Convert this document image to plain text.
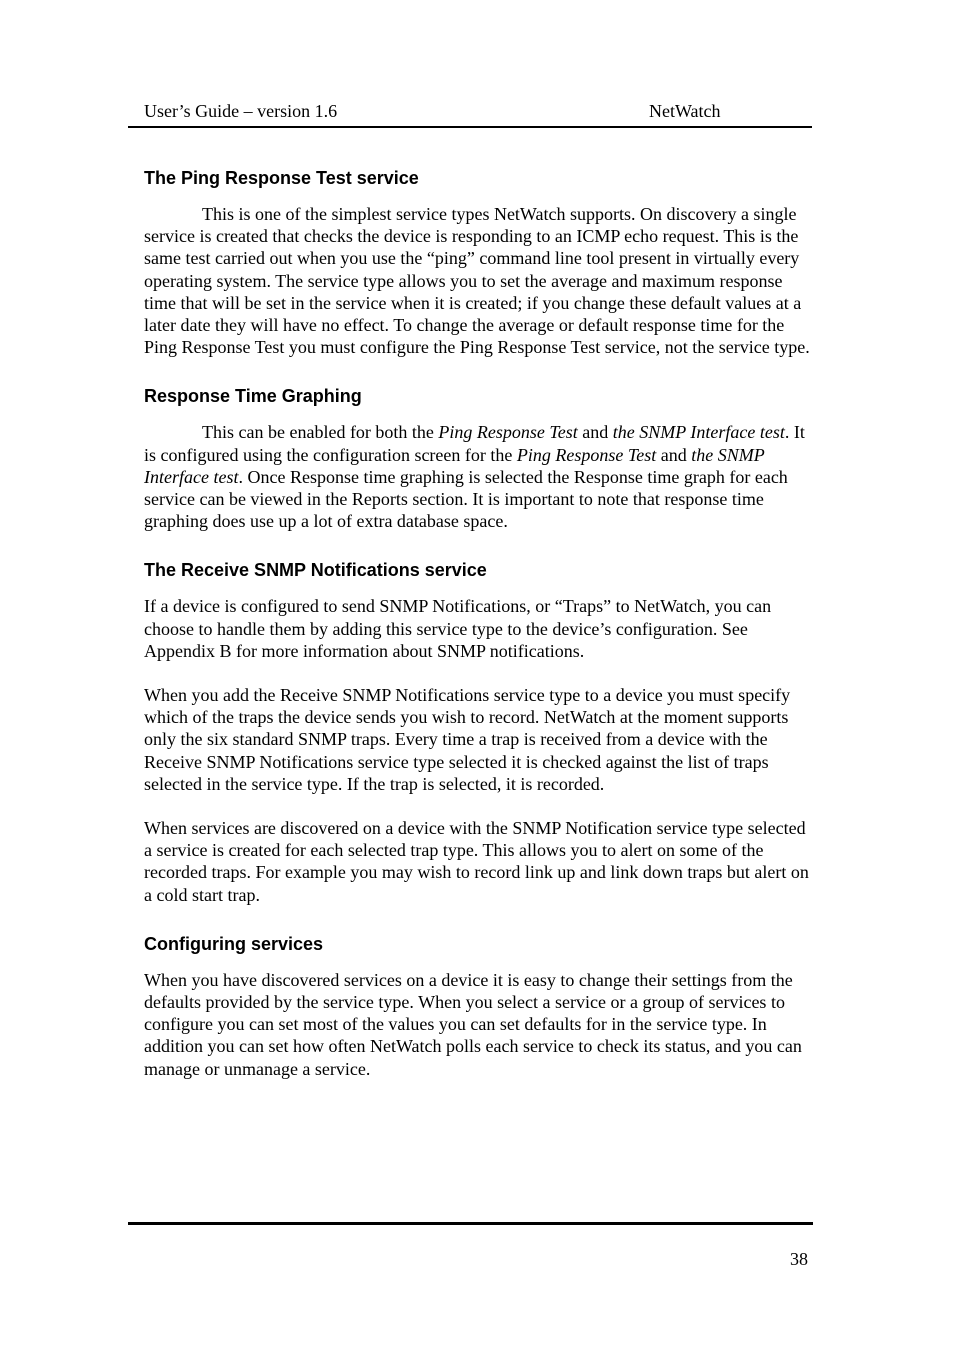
User’s Guide – version 1.6	NetWatch
The Ping Response Test service

This is one of the simplest service types NetWatch supports. On discovery a single service is created that checks the device is responding to an ICMP echo request. This is the same test carried out when you use the “ping” command line tool present in virtually every operating system. The service type allows you to set the average and maximum response time that will be set in the service when it is created; if you change these default values at a later date they will have no effect. To change the average or default response time for the Ping Response Test you must configure the Ping Response Test service, not the service type.

Response Time Graphing

This can be enabled for both the Ping Response Test and the SNMP Interface test. It is configured using the configuration screen for the Ping Response Test and the SNMP Interface test. Once Response time graphing is selected the Response time graph for each service can be viewed in the Reports section. It is important to note that response time graphing does use up a lot of extra database space.

The Receive SNMP Notifications service

If a device is configured to send SNMP Notifications, or “Traps” to NetWatch, you can choose to handle them by adding this service type to the device’s configuration. See Appendix B for more information about SNMP notifications.

When you add the Receive SNMP Notifications service type to a device you must specify which of the traps the device sends you wish to record. NetWatch at the moment supports only the six standard SNMP traps. Every time a trap is received from a device with the Receive SNMP Notifications service type selected it is checked against the list of traps selected in the service type. If the trap is selected, it is recorded.

When services are discovered on a device with the SNMP Notification service type selected a service is created for each selected trap type. This allows you to alert on some of the recorded traps. For example you may wish to record link up and link down traps but alert on a cold start trap.

Configuring services

When you have discovered services on a device it is easy to change their settings from the defaults provided by the service type. When you select a service or a group of services to configure you can set most of the values you can set defaults for in the service type. In addition you can set how often NetWatch polls each service to check its status, and you can manage or unmanage a service.

38
